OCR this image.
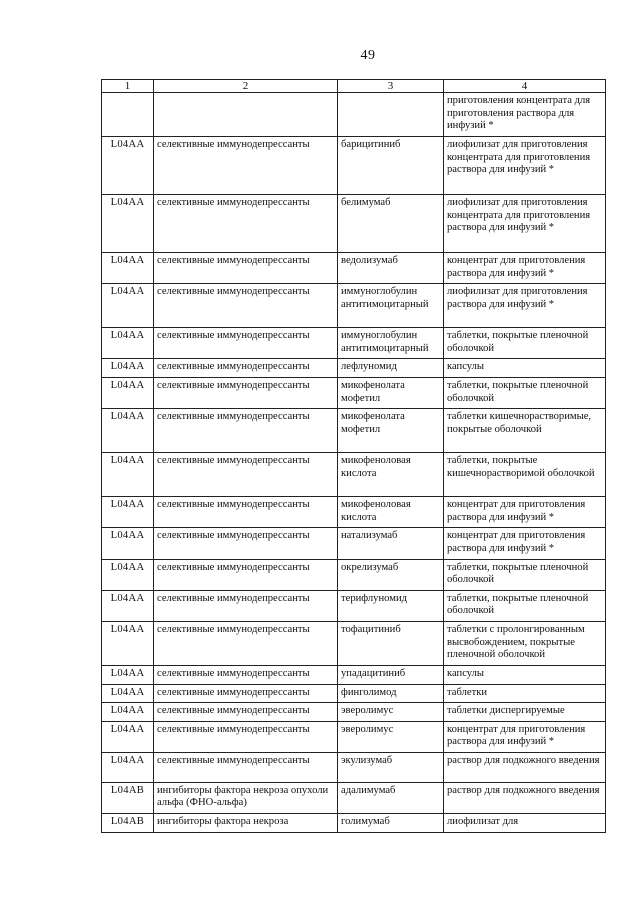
49
1	2	3	4
			приготовления концентрата для приготовления раствора для инфузий *
L04AA	селективные иммунодепрессанты	барицитиниб	лиофилизат для приготовления концентрата для приготовления раствора для инфузий *
L04AA	селективные иммунодепрессанты	белимумаб	лиофилизат для приготовления концентрата для приготовления раствора для инфузий *
L04AA	селективные иммунодепрессанты	ведолизумаб	концентрат для приготовления раствора для инфузий *
L04AA	селективные иммунодепрессанты	иммуноглобулин антитимоцитарный	лиофилизат для приготовления раствора для инфузий *
L04AA	селективные иммунодепрессанты	иммуноглобулин антитимоцитарный	таблетки, покрытые пленочной оболочкой
L04AA	селективные иммунодепрессанты	лефлуномид	капсулы
L04AA	селективные иммунодепрессанты	микофенолата мофетил	таблетки, покрытые пленочной оболочкой
L04AA	селективные иммунодепрессанты	микофенолата мофетил	таблетки кишечнорастворимые, покрытые оболочкой
L04AA	селективные иммунодепрессанты	микофеноловая кислота	таблетки, покрытые кишечнорастворимой оболочкой
L04AA	селективные иммунодепрессанты	микофеноловая кислота	концентрат для приготовления раствора для инфузий *
L04AA	селективные иммунодепрессанты	натализумаб	концентрат для приготовления раствора для инфузий *
L04AA	селективные иммунодепрессанты	окрелизумаб	таблетки, покрытые пленочной оболочкой
L04AA	селективные иммунодепрессанты	терифлуномид	таблетки, покрытые пленочной оболочкой
L04AA	селективные иммунодепрессанты	тофацитиниб	таблетки с пролонгированным высвобождением, покрытые пленочной оболочкой
L04AA	селективные иммунодепрессанты	упадацитиниб	капсулы
L04AA	селективные иммунодепрессанты	финголимод	таблетки
L04AA	селективные иммунодепрессанты	эверолимус	таблетки диспергируемые
L04AA	селективные иммунодепрессанты	эверолимус	концентрат для приготовления раствора для инфузий *
L04AA	селективные иммунодепрессанты	экулизумаб	раствор для подкожного введения
L04AB	ингибиторы фактора некроза опухоли альфа (ФНО-альфа)	адалимумаб	раствор для подкожного введения
L04AB	ингибиторы фактора некроза	голимумаб	лиофилизат для
